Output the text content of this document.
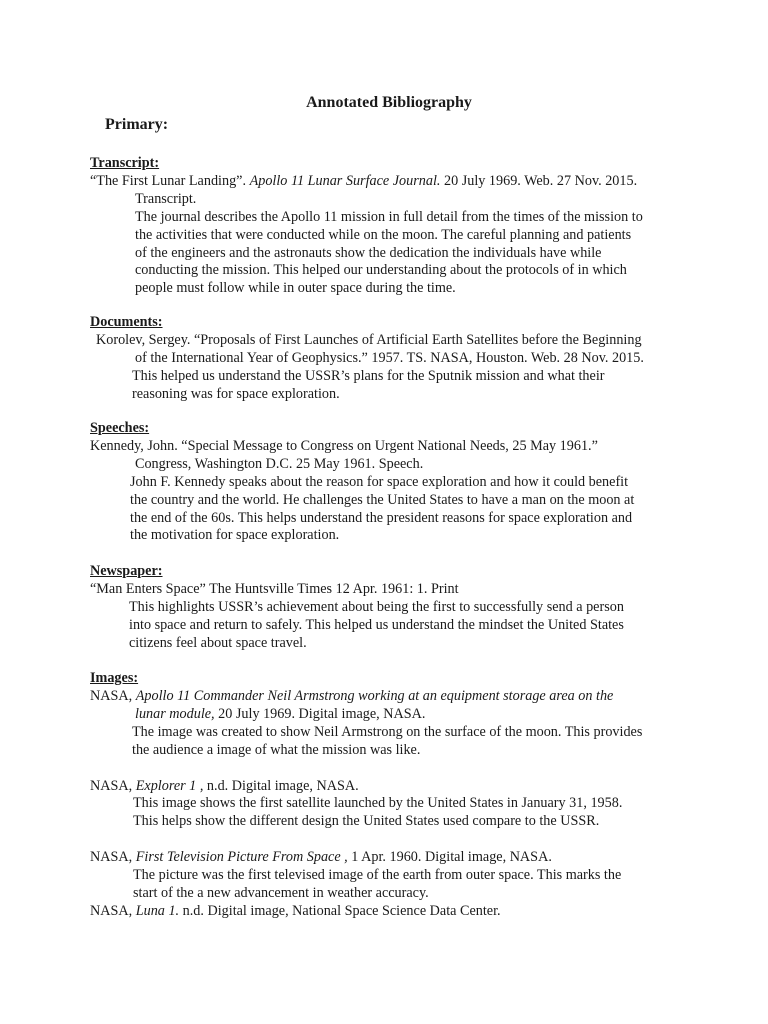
Annotated Bibliography
Primary:

Transcript:

“The First Lunar Landing”. Apollo 11 Lunar Surface Journal. 20 July 1969. Web. 27 Nov. 2015.

Transcript.

The journal describes the Apollo 11 mission in full detail from the times of the mission to
the activities that were conducted while on the moon. The careful planning and patients
of the engineers and the astronauts show the dedication the individuals have while
conducting the mission. This helped our understanding about the protocols of in which
people must follow while in outer space during the time.

Documents:

Korolev, Sergey. “Proposals of First Launches of Artificial Earth Satellites before the Beginning

of the International Year of Geophysics.” 1957. TS. NASA, Houston. Web. 28 Nov. 2015.

This helped us understand the USSR’s plans for the Sputnik mission and what their
reasoning was for space exploration.

Speeches:

Kennedy, John. “Special Message to Congress on Urgent National Needs, 25 May 1961.”

Congress, Washington D.C. 25 May 1961. Speech.

John F. Kennedy speaks about the reason for space exploration and how it could benefit
the country and the world. He challenges the United States to have a man on the moon at
the end of the 60s. This helps understand the president reasons for space exploration and
the motivation for space exploration.

Newspaper:

“Man Enters Space” The Huntsville Times 12 Apr. 1961: 1. Print

This highlights USSR’s achievement about being the first to successfully send a person
into space and return to safely. This helped us understand the mindset the United States
citizens feel about space travel.

Images:

NASA, Apollo 11 Commander Neil Armstrong working at an equipment storage area on the

lunar module, 20 July 1969. Digital image, NASA.

The image was created to show Neil Armstrong on the surface of the moon. This provides
the audience a image of what the mission was like.

NASA, Explorer 1 , n.d. Digital image, NASA.

This image shows the first satellite launched by the United States in January 31, 1958.
This helps show the different design the United States used compare to the USSR.

NASA, First Television Picture From Space , 1 Apr. 1960. Digital image, NASA.

The picture was the first televised image of the earth from outer space. This marks the
start of the a new advancement in weather accuracy.

NASA, Luna 1. n.d. Digital image, National Space Science Data Center.
